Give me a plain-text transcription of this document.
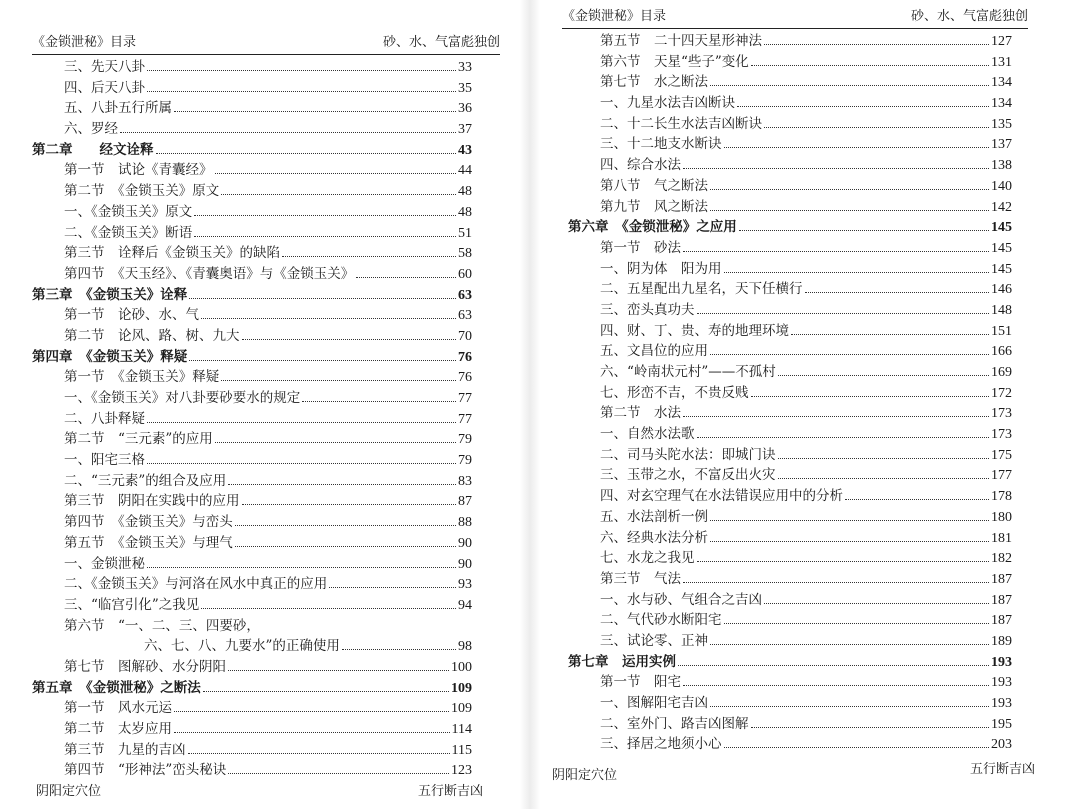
《金锁泄秘》目录	砂、水、气富彪独创
三、先天八卦	33
四、后天八卦	35
五、八卦五行所属	36
六、罗经	37
第二章　　经文诠释	43
第一节　试论《青囊经》	44
第二节　《金锁玉关》原文	48
一、《金锁玉关》原文	48
二、《金锁玉关》断语	51
第三节　诠释后《金锁玉关》的缺陷	58
第四节　《天玉经》、《青囊奥语》与《金锁玉关》	60
第三章　《金锁玉关》诠释	63
第一节　论砂、水、气	63
第二节　论风、路、树、九大	70
第四章　《金锁玉关》释疑	76
第一节　《金锁玉关》释疑	76
一、《金锁玉关》对八卦要砂要水的规定	77
二、八卦释疑	77
第二节　“三元素”的应用	79
一、阳宅三格	79
二、“三元素”的组合及应用	83
第三节　阴阳在实践中的应用	87
第四节　《金锁玉关》与峦头	88
第五节　《金锁玉关》与理气	90
一、金锁泄秘	90
二、《金锁玉关》与河洛在风水中真正的应用	93
三、“临宫引化”之我见	94
第六节　“一、二、三、四要砂，
六、七、八、九要水”的正确使用	98
第七节　图解砂、水分阴阳	100
第五章　《金锁泄秘》之断法	109
第一节　风水元运	109
第二节　太岁应用	114
第三节　九星的吉凶	115
第四节　“形神法”峦头秘诀	123
阴阳定穴位	五行断吉凶
《金锁泄秘》目录	砂、水、气富彪独创
第五节　二十四天星形神法	127
第六节　天星“些子”变化	131
第七节　水之断法	134
一、九星水法吉凶断诀	134
二、十二长生水法吉凶断诀	135
三、十二地支水断诀	137
四、综合水法	138
第八节　气之断法	140
第九节　风之断法	142
第六章　《金锁泄秘》之应用	145
第一节　砂法	145
一、阴为体　阳为用	145
二、五星配出九星名，天下任横行	146
三、峦头真功夫	148
四、财、丁、贵、寿的地理环境	151
五、文昌位的应用	166
六、“岭南状元村”——不孤村	169
七、形峦不吉，不贵反贱	172
第二节　水法	173
一、自然水法歌	173
二、司马头陀水法：即城门诀	175
三、玉带之水，不富反出火灾	177
四、对玄空理气在水法错误应用中的分析	178
五、水法剖析一例	180
六、经典水法分析	181
七、水龙之我见	182
第三节　气法	187
一、水与砂、气组合之吉凶	187
二、气代砂水断阳宅	187
三、试论零、正神	189
第七章　运用实例	193
第一节　阳宅	193
一、图解阳宅吉凶	193
二、室外门、路吉凶图解	195
三、择居之地须小心	203
阴阳定穴位	五行断吉凶
